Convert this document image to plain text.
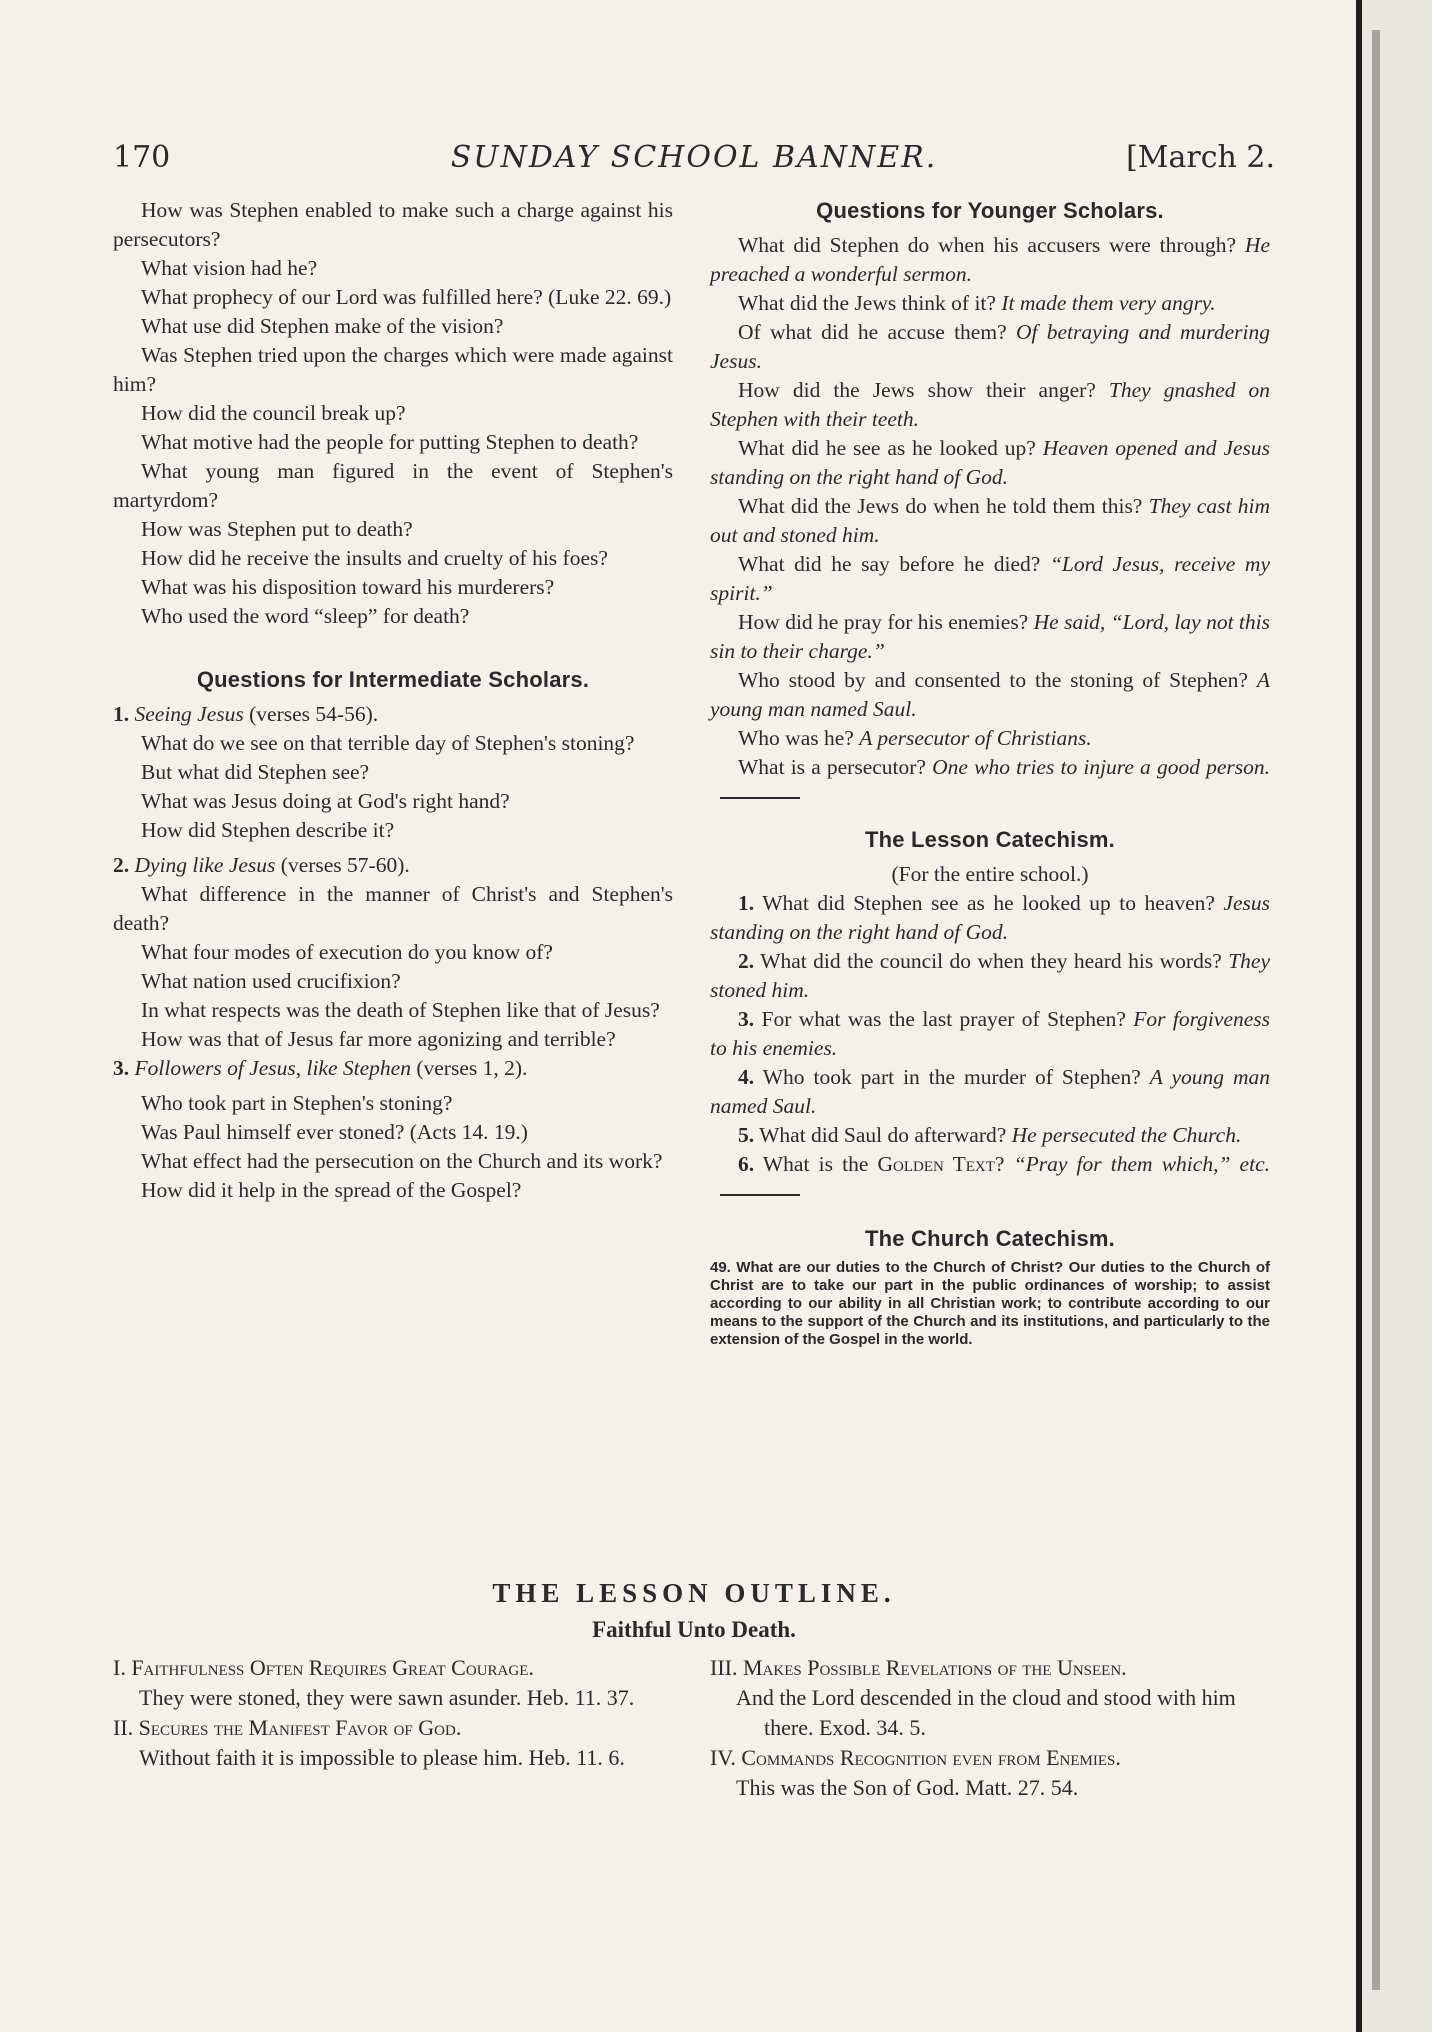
170	SUNDAY SCHOOL BANNER.	[March 2.

How was Stephen enabled to make such a charge against his persecutors?

What vision had he?

What prophecy of our Lord was fulfilled here? (Luke 22. 69.)

What use did Stephen make of the vision?

Was Stephen tried upon the charges which were made against him?

How did the council break up?

What motive had the people for putting Stephen to death?

What young man figured in the event of Stephen's martyrdom?

How was Stephen put to death?

How did he receive the insults and cruelty of his foes?

What was his disposition toward his murderers?

Who used the word “sleep” for death?

Questions for Intermediate Scholars.

1. Seeing Jesus (verses 54-56).

What do we see on that terrible day of Stephen's stoning?

But what did Stephen see?

What was Jesus doing at God's right hand?

How did Stephen describe it?

2. Dying like Jesus (verses 57-60).

What difference in the manner of Christ's and Stephen's death?

What four modes of execution do you know of?

What nation used crucifixion?

In what respects was the death of Stephen like that of Jesus?

How was that of Jesus far more agonizing and terrible?

3. Followers of Jesus, like Stephen (verses 1, 2).

Who took part in Stephen's stoning?

Was Paul himself ever stoned? (Acts 14. 19.)

What effect had the persecution on the Church and its work?

How did it help in the spread of the Gospel?

Questions for Younger Scholars.

What did Stephen do when his accusers were through? He preached a wonderful sermon.

What did the Jews think of it? It made them very angry.

Of what did he accuse them? Of betraying and murdering Jesus.

How did the Jews show their anger? They gnashed on Stephen with their teeth.

What did he see as he looked up? Heaven opened and Jesus standing on the right hand of God.

What did the Jews do when he told them this? They cast him out and stoned him.

What did he say before he died? “Lord Jesus, receive my spirit.”

How did he pray for his enemies? He said, “Lord, lay not this sin to their charge.”

Who stood by and consented to the stoning of Stephen? A young man named Saul.

Who was he? A persecutor of Christians.

What is a persecutor? One who tries to injure a good person.

The Lesson Catechism.

(For the entire school.)

1. What did Stephen see as he looked up to heaven? Jesus standing on the right hand of God.

2. What did the council do when they heard his words? They stoned him.

3. For what was the last prayer of Stephen? For forgiveness to his enemies.

4. Who took part in the murder of Stephen? A young man named Saul.

5. What did Saul do afterward? He persecuted the Church.

6. What is the Golden Text? “Pray for them which,” etc.

The Church Catechism.

49. What are our duties to the Church of Christ? Our duties to the Church of Christ are to take our part in the public ordinances of worship; to assist according to our ability in all Christian work; to contribute according to our means to the support of the Church and its institutions, and particularly to the extension of the Gospel in the world.

THE LESSON OUTLINE.
Faithful Unto Death.
I. Faithfulness Often Requires Great Courage.
They were stoned, they were sawn asunder. Heb. 11. 37.
II. Secures the Manifest Favor of God.
Without faith it is impossible to please him. Heb. 11. 6.
III. Makes Possible Revelations of the Unseen.
And the Lord descended in the cloud and stood with him there. Exod. 34. 5.
IV. Commands Recognition even from Enemies.
This was the Son of God. Matt. 27. 54.
